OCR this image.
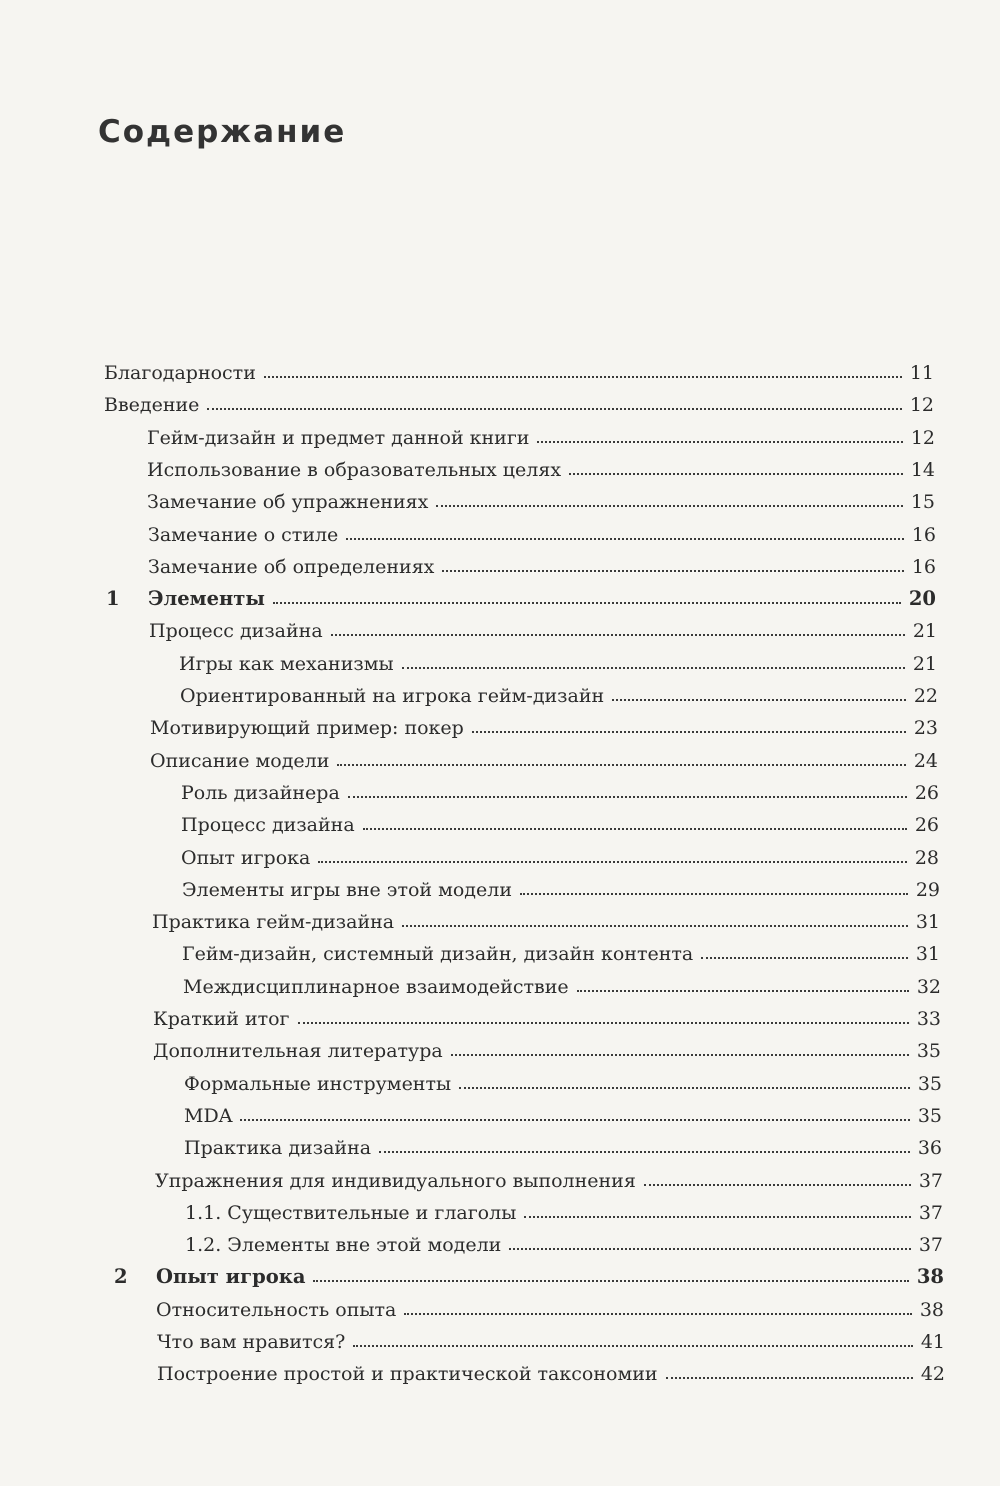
Содержание
Благодарности	11
Введение	12
Гейм-дизайн и предмет данной книги	12
Использование в образовательных целях	14
Замечание об упражнениях	15
Замечание о стиле	16
Замечание об определениях	16
1	Элементы	20
Процесс дизайна	21
Игры как механизмы	21
Ориентированный на игрока гейм-дизайн	22
Мотивирующий пример: покер	23
Описание модели	24
Роль дизайнера	26
Процесс дизайна	26
Опыт игрока	28
Элементы игры вне этой модели	29
Практика гейм-дизайна	31
Гейм-дизайн, системный дизайн, дизайн контента	31
Междисциплинарное взаимодействие	32
Краткий итог	33
Дополнительная литература	35
Формальные инструменты	35
MDA	35
Практика дизайна	36
Упражнения для индивидуального выполнения	37
1.1. Существительные и глаголы	37
1.2. Элементы вне этой модели	37
2	Опыт игрока	38
Относительность опыта	38
Что вам нравится?	41
Построение простой и практической таксономии	42
